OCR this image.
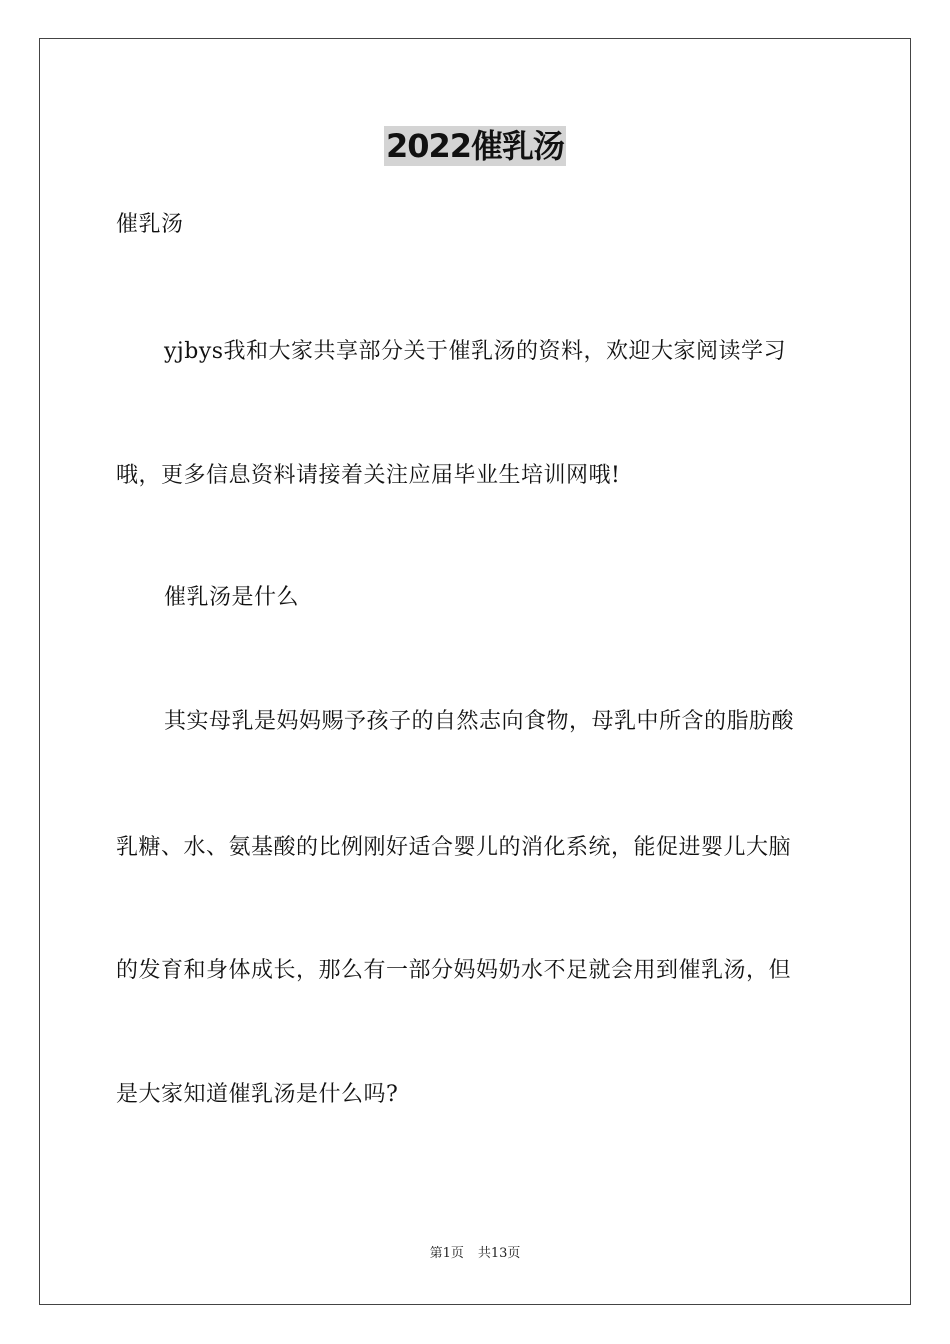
2022催乳汤
催乳汤
yjbys我和大家共享部分关于催乳汤的资料，欢迎大家阅读学习
哦，更多信息资料请接着关注应届毕业生培训网哦!
催乳汤是什么
其实母乳是妈妈赐予孩子的自然志向食物，母乳中所含的脂肪酸
乳糖、水、氨基酸的比例刚好适合婴儿的消化系统，能促进婴儿大脑
的发育和身体成长，那么有一部分妈妈奶水不足就会用到催乳汤，但
是大家知道催乳汤是什么吗?
第1页 共13页
